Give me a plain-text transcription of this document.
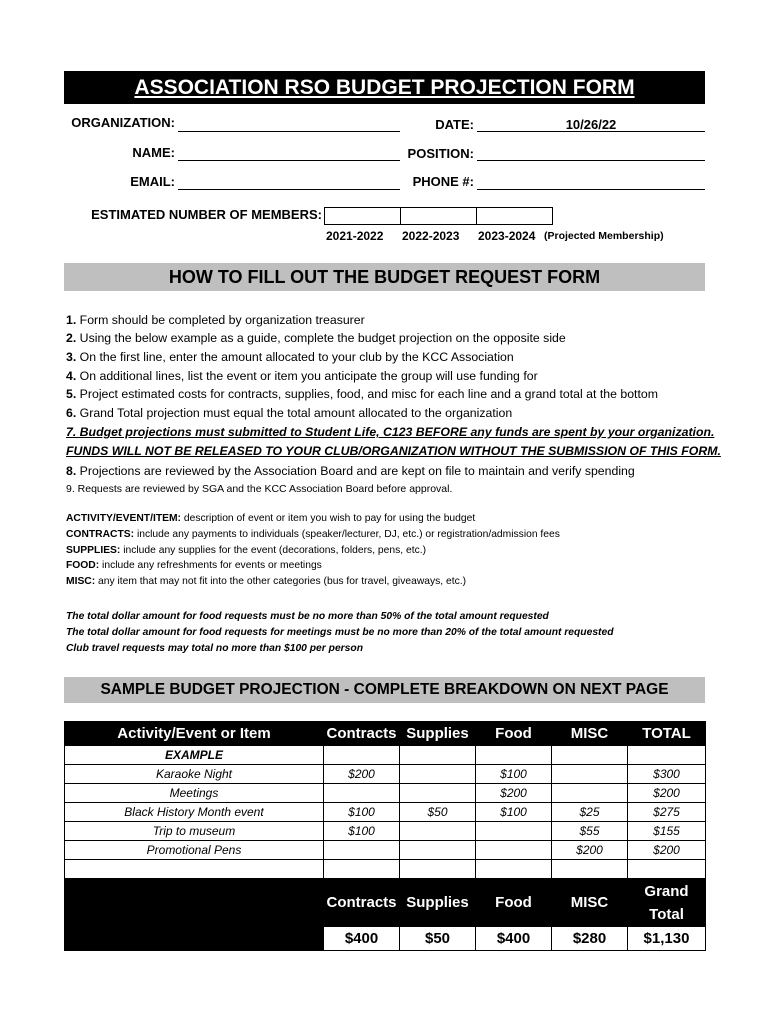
ASSOCIATION RSO BUDGET PROJECTION FORM
ORGANIZATION:	DATE:	10/26/22
NAME:	POSITION:
EMAIL:	PHONE #:
ESTIMATED NUMBER OF MEMBERS:
2021-2022 2022-2023 2023-2024 (Projected Membership)
HOW TO FILL OUT THE BUDGET REQUEST FORM
1. Form should be completed by organization treasurer
2. Using the below example as a guide, complete the budget projection on the opposite side
3. On the first line, enter the amount allocated to your club by the KCC Association
4. On additional lines, list the event or item you anticipate the group will use funding for
5. Project estimated costs for contracts, supplies, food, and misc for each line and a grand total at the bottom
6. Grand Total projection must equal the total amount allocated to the organization
7. Budget projections must submitted to Student Life, C123 BEFORE any funds are spent by your organization.
FUNDS WILL NOT BE RELEASED TO YOUR CLUB/ORGANIZATION WITHOUT THE SUBMISSION OF THIS FORM.
8. Projections are reviewed by the Association Board and are kept on file to maintain and verify spending
9. Requests are reviewed by SGA and the KCC Association Board before approval.
ACTIVITY/EVENT/ITEM: description of event or item you wish to pay for using the budget
CONTRACTS: include any payments to individuals (speaker/lecturer, DJ, etc.) or registration/admission fees
SUPPLIES: include any supplies for the event (decorations, folders, pens, etc.)
FOOD: include any refreshments for events or meetings
MISC: any item that may not fit into the other categories (bus for travel, giveaways, etc.)
The total dollar amount for food requests must be no more than 50% of the total amount requested
The total dollar amount for food requests for meetings must be no more than 20% of the total amount requested
Club travel requests may total no more than $100 per person
SAMPLE BUDGET PROJECTION - COMPLETE BREAKDOWN ON NEXT PAGE
Activity/Event or Item	Contracts	Supplies	Food	MISC	TOTAL
EXAMPLE					
Karaoke Night	$200		$100		$300
Meetings			$200		$200
Black History Month event	$100	$50	$100	$25	$275
Trip to museum	$100			$55	$155
Promotional Pens				$200	$200

	Contracts	Supplies	Food	MISC	Grand Total
	$400	$50	$400	$280	$1,130
